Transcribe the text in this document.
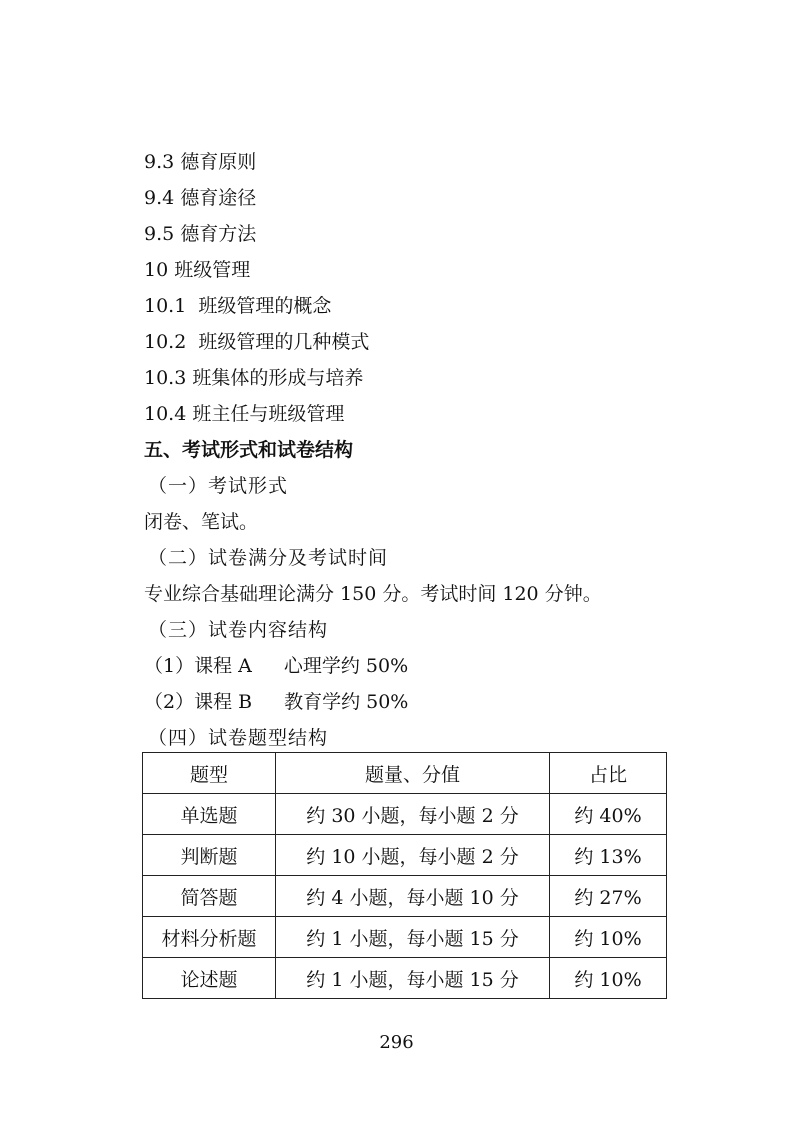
9.3 德育原则

9.4 德育途径

9.5 德育方法

10 班级管理

10.1  班级管理的概念

10.2  班级管理的几种模式

10.3 班集体的形成与培养

10.4 班主任与班级管理

五、考试形式和试卷结构

（一）考试形式

闭卷、笔试。

（二）试卷满分及考试时间

专业综合基础理论满分 150 分。考试时间 120 分钟。

（三）试卷内容结构

（1）课程 A 心理学约 50%

（2）课程 B 教育学约 50%

（四）试卷题型结构

题型	题量、分值	占比
单选题	约 30 小题，每小题 2 分	约 40%
判断题	约 10 小题，每小题 2 分	约 13%
简答题	约 4 小题，每小题 10 分	约 27%
材料分析题	约 1 小题，每小题 15 分	约 10%
论述题	约 1 小题，每小题 15 分	约 10%

296
